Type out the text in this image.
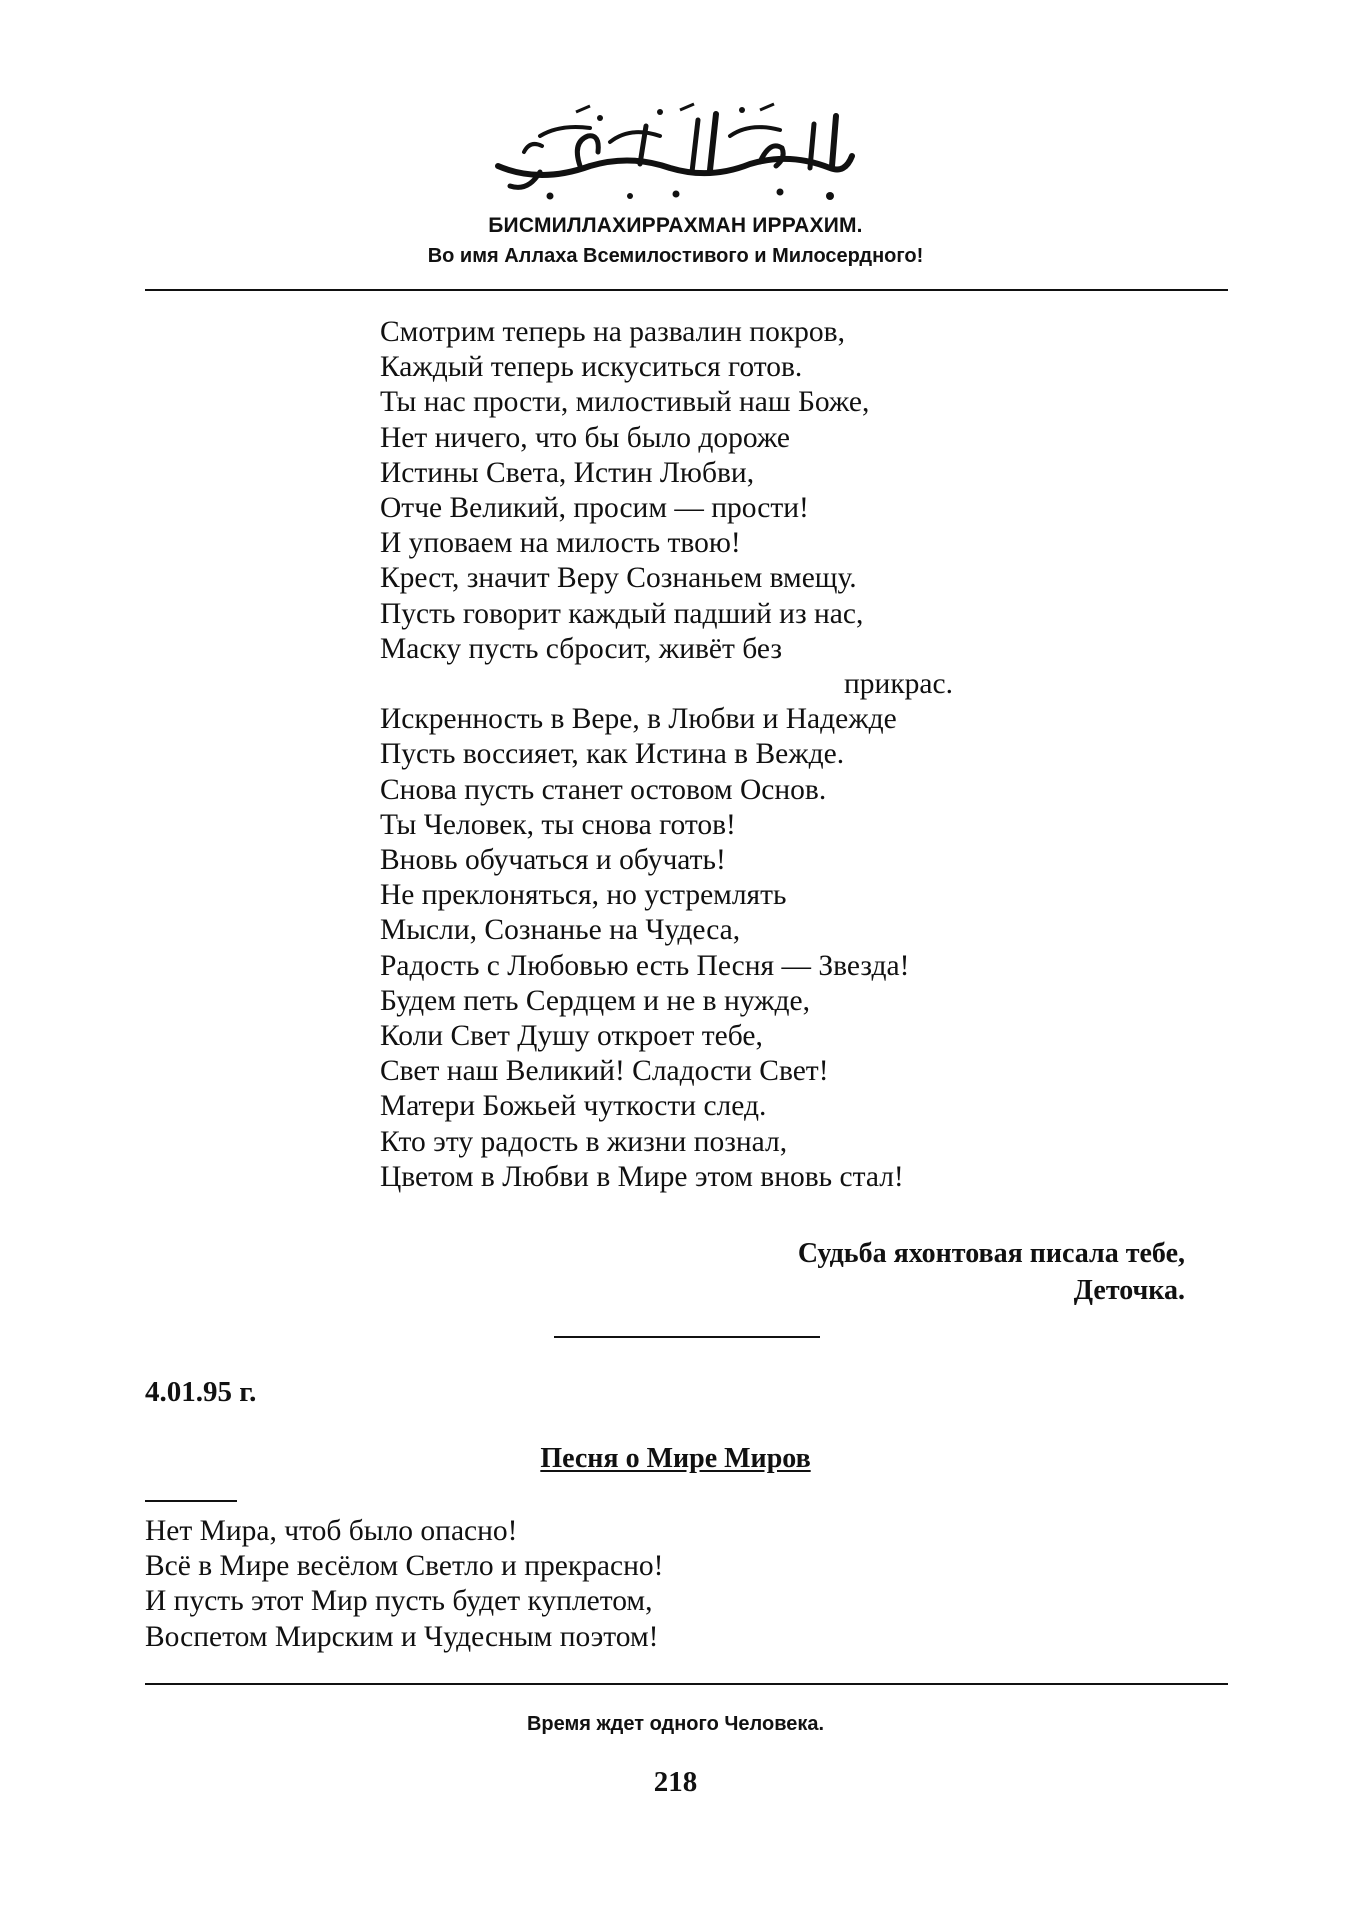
БИСМИЛЛАХИРРАХМАН ИРРАХИМ.
Во имя Аллаха Всемилостивого и Милосердного!
Смотрим теперь на развалин покров,
Каждый теперь искуситься готов.
Ты нас прости, милостивый наш Боже,
Нет ничего, что бы было дороже
Истины Света, Истин Любви,
Отче Великий, просим — прости!
И уповаем на милость твою!
Крест, значит Веру Сознаньем вмещу.
Пусть говорит каждый падший из нас,
Маску пусть сбросит, живёт без
прикрас.
Искренность в Вере, в Любви и Надежде
Пусть воссияет, как Истина в Вежде.
Снова пусть станет остовом Основ.
Ты Человек, ты снова готов!
Вновь обучаться и обучать!
Не преклоняться, но устремлять
Мысли, Сознанье на Чудеса,
Радость с Любовью есть Песня — Звезда!
Будем петь Сердцем и не в нужде,
Коли Свет Душу откроет тебе,
Свет наш Великий! Сладости Свет!
Матери Божьей чуткости след.
Кто эту радость в жизни познал,
Цветом в Любви в Мире этом вновь стал!
Судьба яхонтовая писала тебе,
Деточка.
4.01.95 г.
Песня о Мире Миров
Нет Мира, чтоб было опасно!
Всё в Мире весёлом Светло и прекрасно!
И пусть этот Мир пусть будет куплетом,
Воспетом Мирским и Чудесным поэтом!
Время ждет одного Человека.
218
